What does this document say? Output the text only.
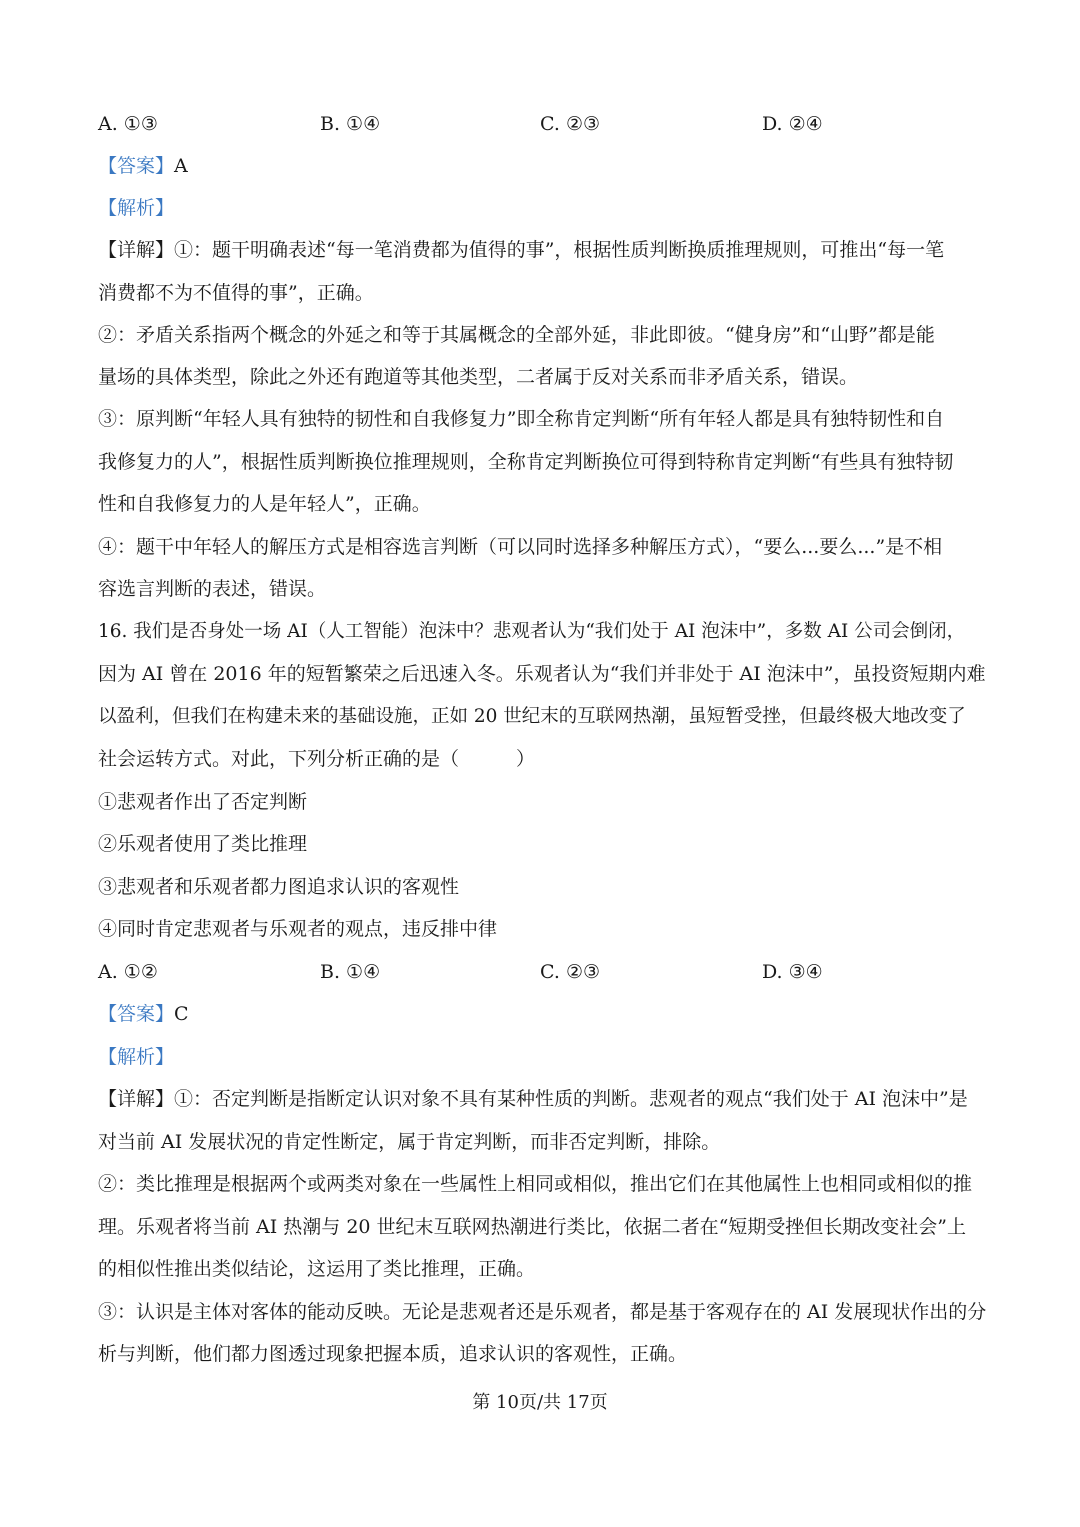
A. ①③	B. ①④	C. ②③	D. ②④
【答案】A
【解析】
【详解】①：题干明确表述“每一笔消费都为值得的事”，根据性质判断换质推理规则，可推出“每一笔
消费都不为不值得的事”，正确。
②：矛盾关系指两个概念的外延之和等于其属概念的全部外延，非此即彼。“健身房”和“山野”都是能
量场的具体类型，除此之外还有跑道等其他类型，二者属于反对关系而非矛盾关系，错误。
③：原判断“年轻人具有独特的韧性和自我修复力”即全称肯定判断“所有年轻人都是具有独特韧性和自
我修复力的人”，根据性质判断换位推理规则，全称肯定判断换位可得到特称肯定判断“有些具有独特韧
性和自我修复力的人是年轻人”，正确。
④：题干中年轻人的解压方式是相容选言判断（可以同时选择多种解压方式），“要么...要么...”是不相
容选言判断的表述，错误。
16. 我们是否身处一场 AI（人工智能）泡沫中？悲观者认为“我们处于 AI 泡沫中”，多数 AI 公司会倒闭，
因为 AI 曾在 2016 年的短暂繁荣之后迅速入冬。乐观者认为“我们并非处于 AI 泡沫中”，虽投资短期内难
以盈利，但我们在构建未来的基础设施，正如 20 世纪末的互联网热潮，虽短暂受挫，但最终极大地改变了
社会运转方式。对此，下列分析正确的是（　　　）
①悲观者作出了否定判断
②乐观者使用了类比推理
③悲观者和乐观者都力图追求认识的客观性
④同时肯定悲观者与乐观者的观点，违反排中律
A. ①②	B. ①④	C. ②③	D. ③④
【答案】C
【解析】
【详解】①：否定判断是指断定认识对象不具有某种性质的判断。悲观者的观点“我们处于 AI 泡沫中”是
对当前 AI 发展状况的肯定性断定，属于肯定判断，而非否定判断，排除。
②：类比推理是根据两个或两类对象在一些属性上相同或相似，推出它们在其他属性上也相同或相似的推
理。乐观者将当前 AI 热潮与 20 世纪末互联网热潮进行类比，依据二者在“短期受挫但长期改变社会”上
的相似性推出类似结论，这运用了类比推理，正确。
③：认识是主体对客体的能动反映。无论是悲观者还是乐观者，都是基于客观存在的 AI 发展现状作出的分
析与判断，他们都力图透过现象把握本质，追求认识的客观性，正确。
第 10页/共 17页
